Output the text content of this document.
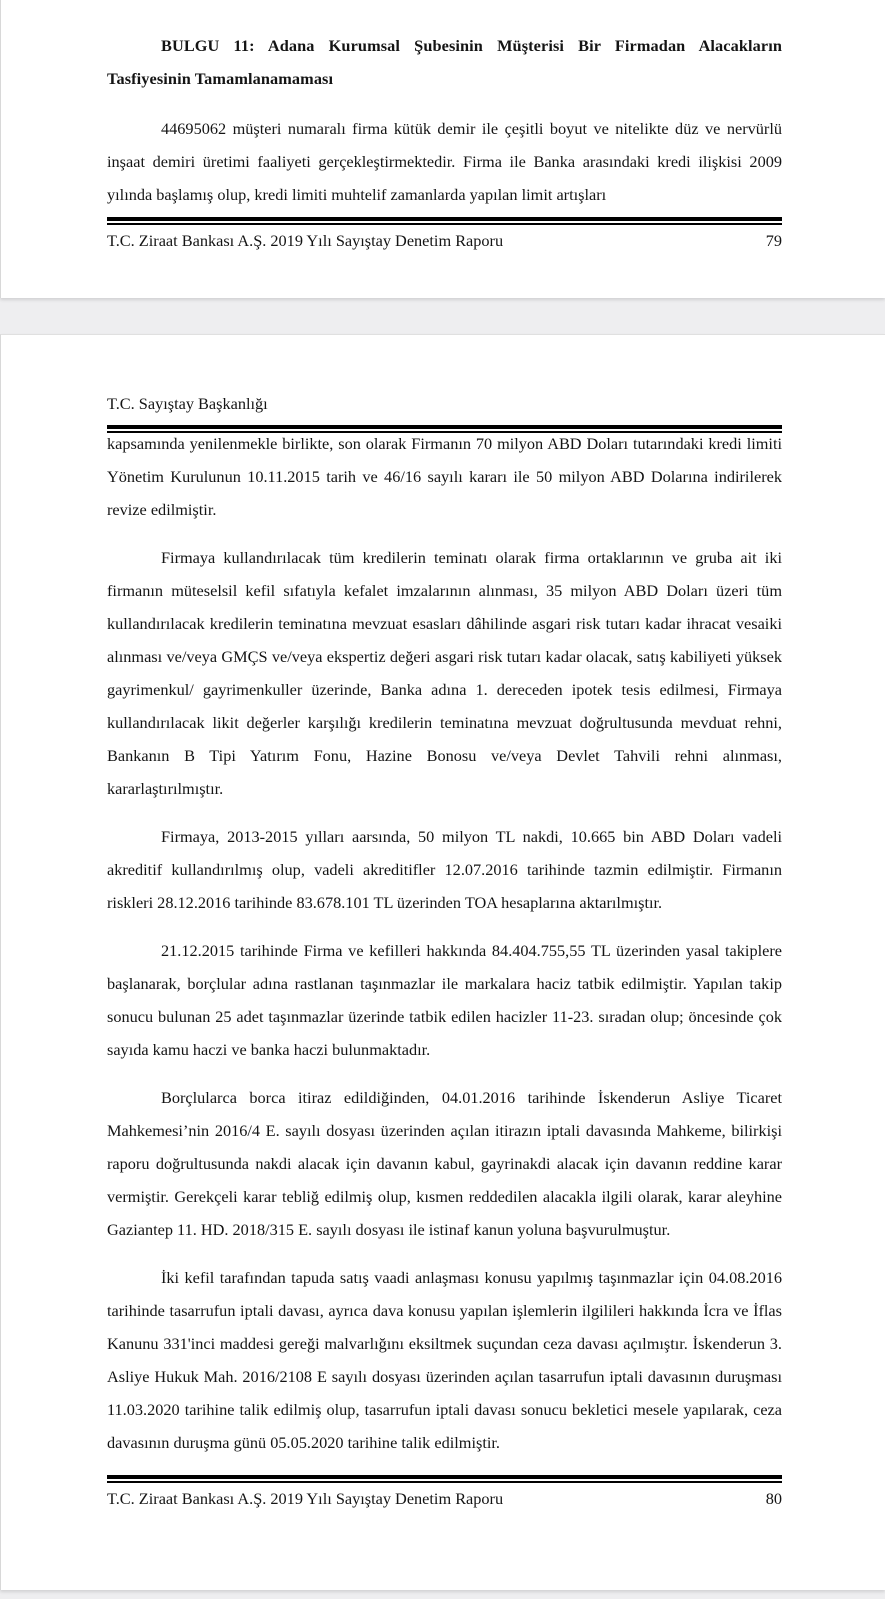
BULGU 11: Adana Kurumsal Şubesinin Müşterisi Bir Firmadan Alacakların Tasfiyesinin Tamamlanamaması

44695062 müşteri numaralı firma kütük demir ile çeşitli boyut ve nitelikte düz ve nervürlü inşaat demiri üretimi faaliyeti gerçekleştirmektedir. Firma ile Banka arasındaki kredi ilişkisi 2009 yılında başlamış olup, kredi limiti muhtelif zamanlarda yapılan limit artışları

T.C. Ziraat Bankası A.Ş. 2019 Yılı Sayıştay Denetim Raporu	79
T.C. Sayıştay Başkanlığı

kapsamında yenilenmekle birlikte, son olarak Firmanın 70 milyon ABD Doları tutarındaki kredi limiti Yönetim Kurulunun 10.11.2015 tarih ve 46/16 sayılı kararı ile 50 milyon ABD Dolarına indirilerek revize edilmiştir.

Firmaya kullandırılacak tüm kredilerin teminatı olarak firma ortaklarının ve gruba ait iki firmanın müteselsil kefil sıfatıyla kefalet imzalarının alınması, 35 milyon ABD Doları üzeri tüm kullandırılacak kredilerin teminatına mevzuat esasları dâhilinde asgari risk tutarı kadar ihracat vesaiki alınması ve/veya GMÇS ve/veya ekspertiz değeri asgari risk tutarı kadar olacak, satış kabiliyeti yüksek gayrimenkul/ gayrimenkuller üzerinde, Banka adına 1. dereceden ipotek tesis edilmesi, Firmaya kullandırılacak likit değerler karşılığı kredilerin teminatına mevzuat doğrultusunda mevduat rehni, Bankanın B Tipi Yatırım Fonu, Hazine Bonosu ve/veya Devlet Tahvili rehni alınması, kararlaştırılmıştır.

Firmaya, 2013-2015 yılları aarsında, 50 milyon TL nakdi, 10.665 bin ABD Doları vadeli akreditif kullandırılmış olup, vadeli akreditifler 12.07.2016 tarihinde tazmin edilmiştir. Firmanın riskleri 28.12.2016 tarihinde 83.678.101 TL üzerinden TOA hesaplarına aktarılmıştır.

21.12.2015 tarihinde Firma ve kefilleri hakkında 84.404.755,55 TL üzerinden yasal takiplere başlanarak, borçlular adına rastlanan taşınmazlar ile markalara haciz tatbik edilmiştir. Yapılan takip sonucu bulunan 25 adet taşınmazlar üzerinde tatbik edilen hacizler 11-23. sıradan olup; öncesinde çok sayıda kamu haczi ve banka haczi bulunmaktadır.

Borçlularca borca itiraz edildiğinden, 04.01.2016 tarihinde İskenderun Asliye Ticaret Mahkemesi’nin 2016/4 E. sayılı dosyası üzerinden açılan itirazın iptali davasında Mahkeme, bilirkişi raporu doğrultusunda nakdi alacak için davanın kabul, gayrinakdi alacak için davanın reddine karar vermiştir. Gerekçeli karar tebliğ edilmiş olup, kısmen reddedilen alacakla ilgili olarak, karar aleyhine Gaziantep 11. HD. 2018/315 E. sayılı dosyası ile istinaf kanun yoluna başvurulmuştur.

İki kefil tarafından tapuda satış vaadi anlaşması konusu yapılmış taşınmazlar için 04.08.2016 tarihinde tasarrufun iptali davası, ayrıca dava konusu yapılan işlemlerin ilgilileri hakkında İcra ve İflas Kanunu 331'inci maddesi gereği malvarlığını eksiltmek suçundan ceza davası açılmıştır. İskenderun 3. Asliye Hukuk Mah. 2016/2108 E sayılı dosyası üzerinden açılan tasarrufun iptali davasının duruşması 11.03.2020 tarihine talik edilmiş olup, tasarrufun iptali davası sonucu bekletici mesele yapılarak, ceza davasının duruşma günü 05.05.2020 tarihine talik edilmiştir.

T.C. Ziraat Bankası A.Ş. 2019 Yılı Sayıştay Denetim Raporu	80
